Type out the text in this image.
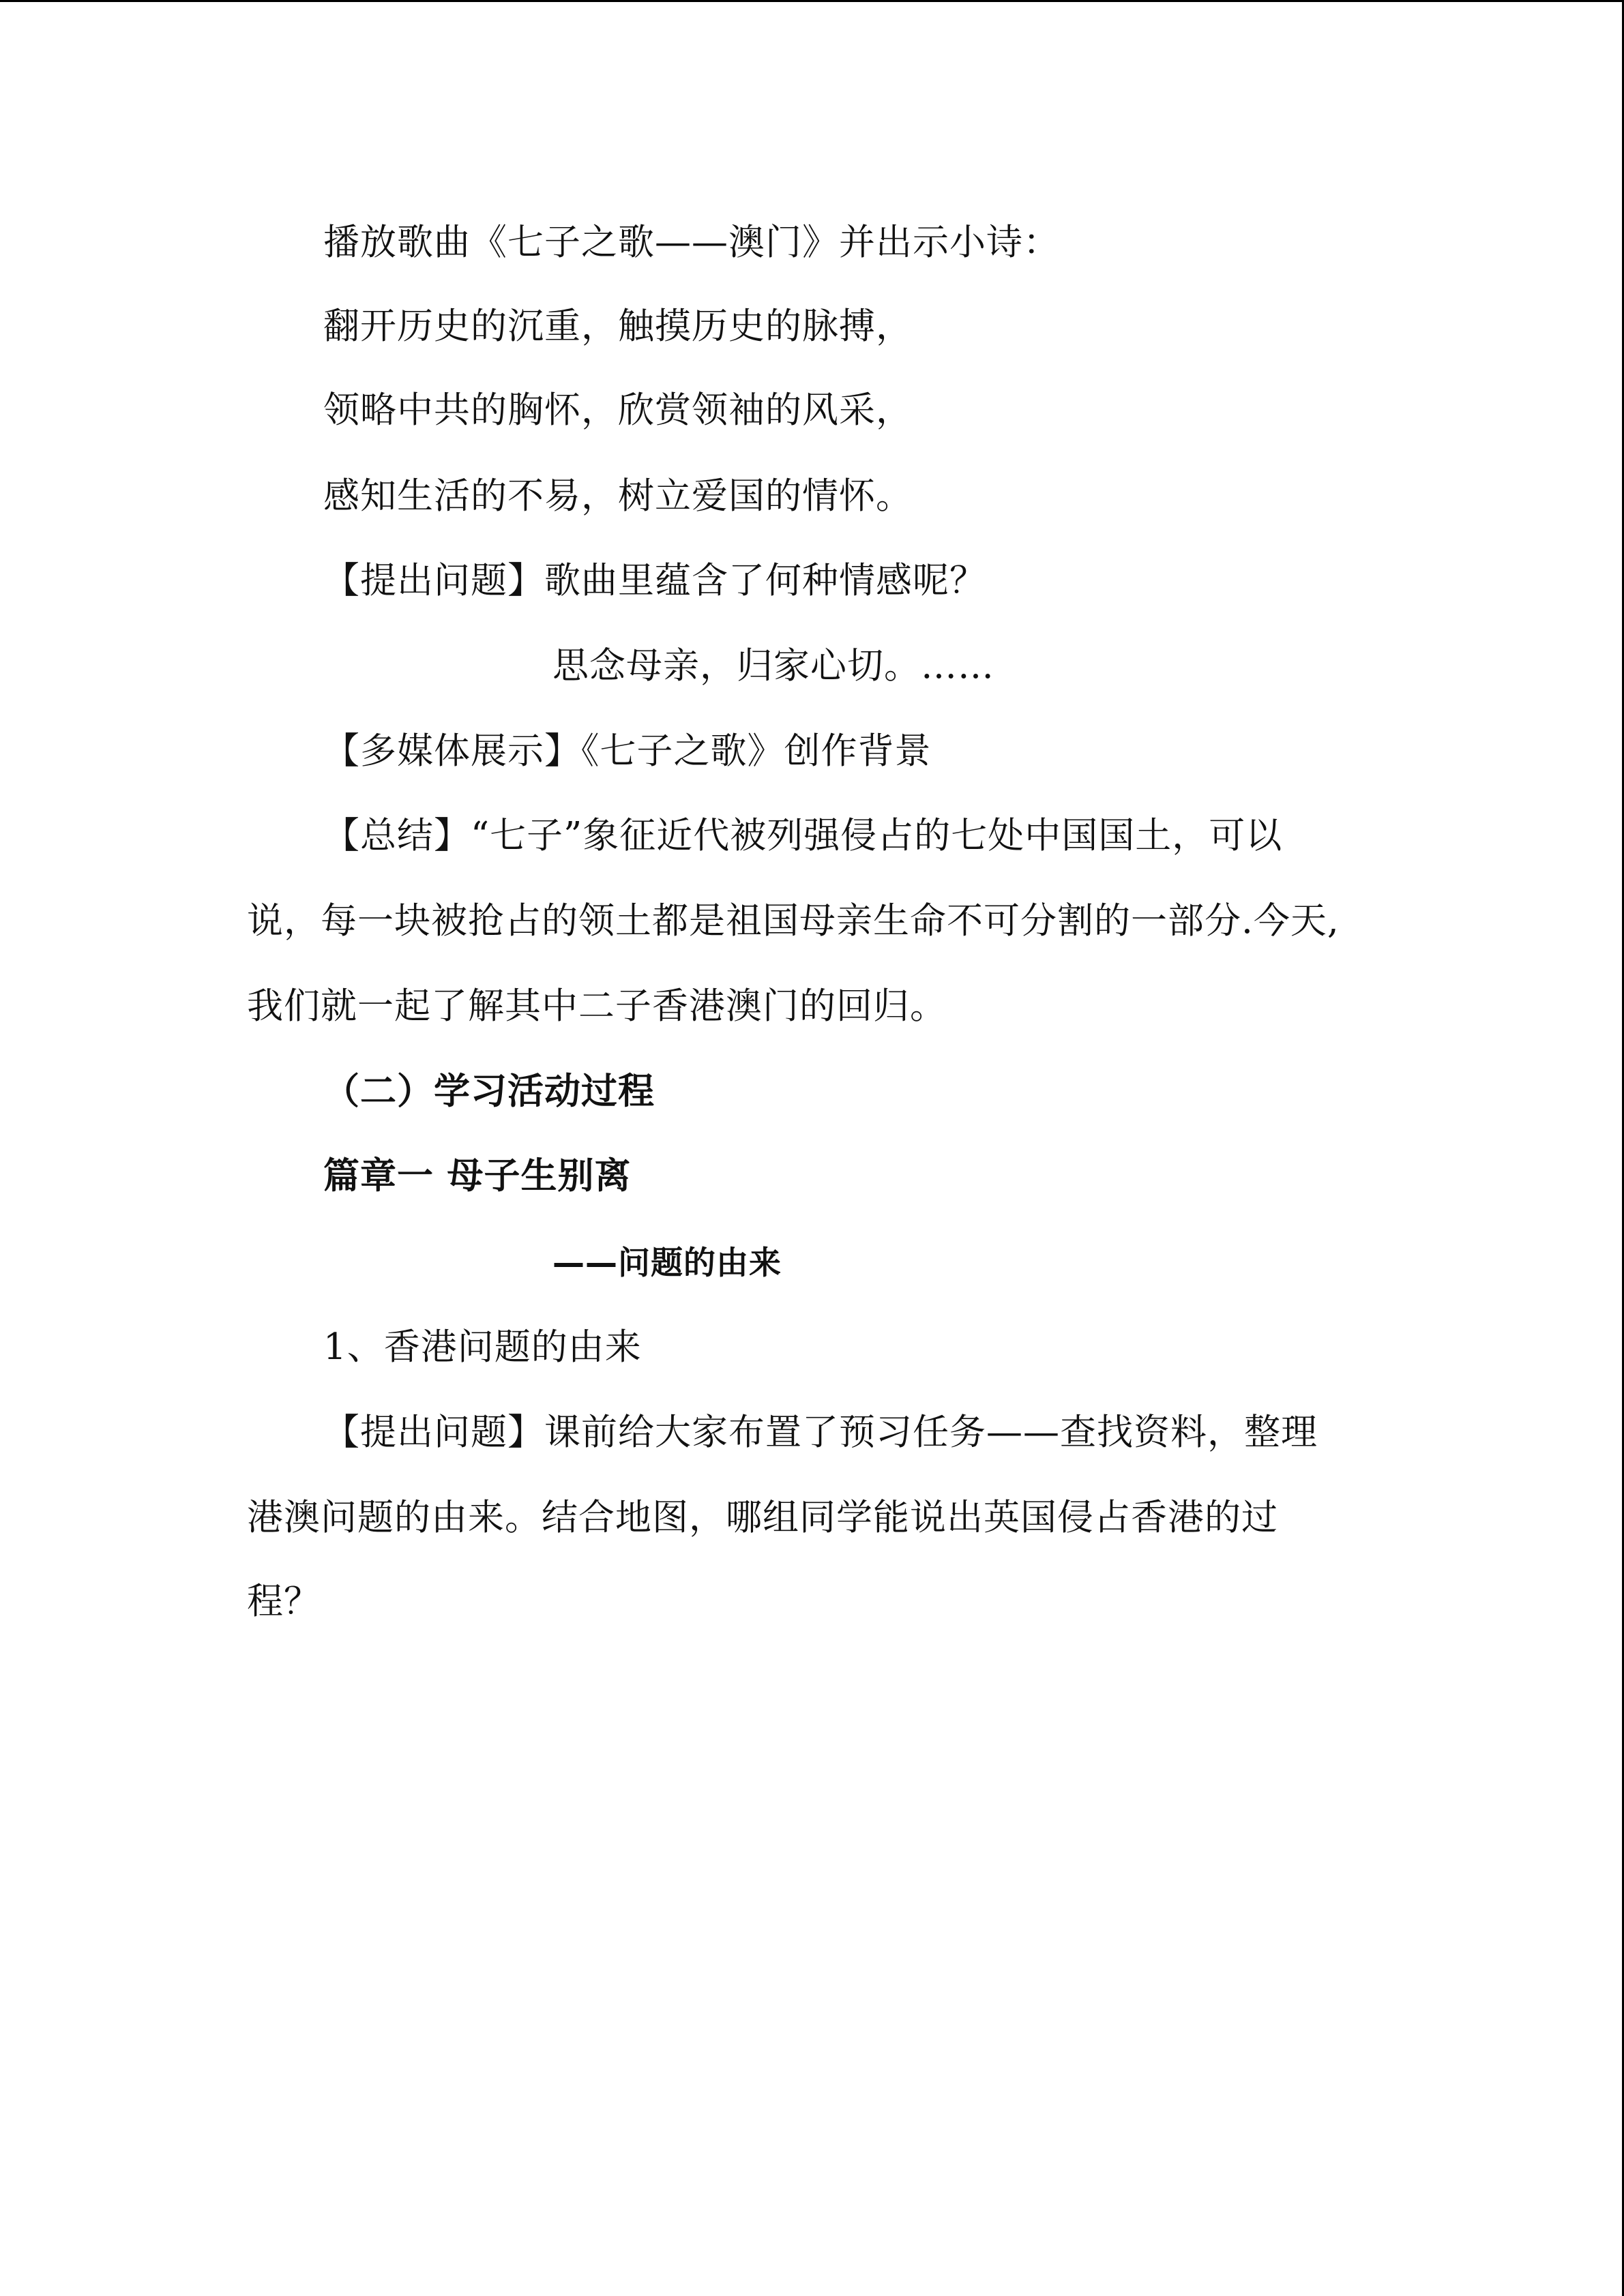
播放歌曲《七子之歌——澳门》并出示小诗：
翻开历史的沉重，触摸历史的脉搏，
领略中共的胸怀，欣赏领袖的风采，
感知生活的不易，树立爱国的情怀。
【提出问题】歌曲里蕴含了何种情感呢？
思念母亲，归家心切。……
【多媒体展示】《七子之歌》创作背景
【总结】“七子”象征近代被列强侵占的七处中国国土，可以
说，每一块被抢占的领土都是祖国母亲生命不可分割的一部分.今天,
我们就一起了解其中二子香港澳门的回归。
（二）学习活动过程
篇章一 母子生别离
——问题的由来
1、香港问题的由来
【提出问题】课前给大家布置了预习任务——查找资料，整理
港澳问题的由来。结合地图，哪组同学能说出英国侵占香港的过
程？
